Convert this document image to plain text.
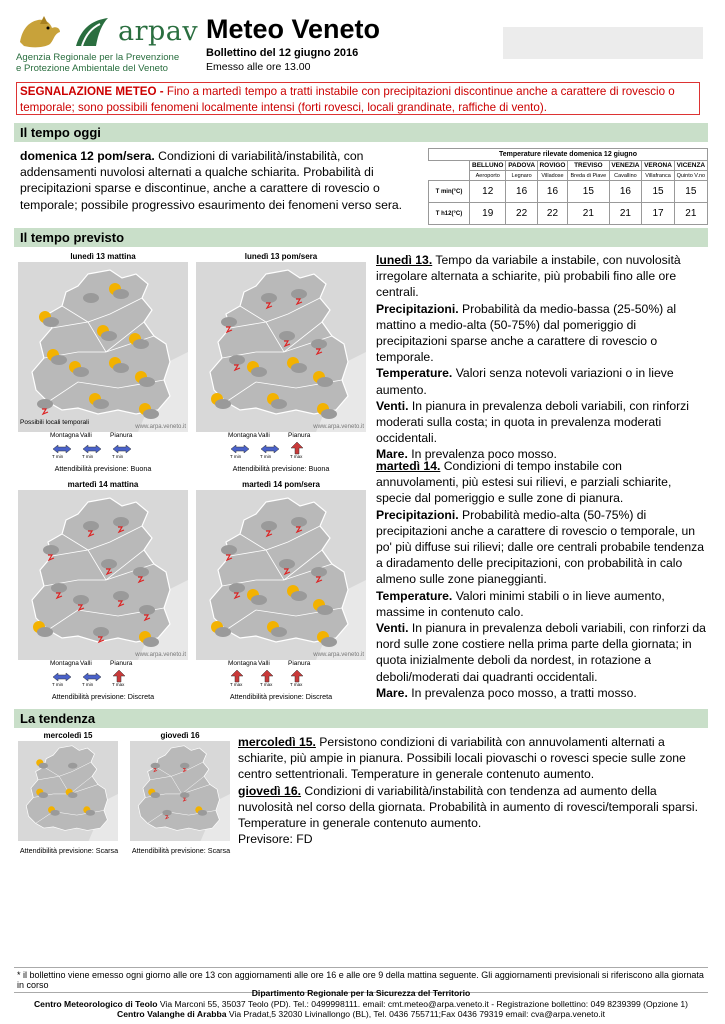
arpav
Agenzia Regionale per la Prevenzione
e Protezione Ambientale del Veneto
Meteo Veneto
Bollettino del 12 giugno 2016
Emesso alle ore 13.00
SEGNALAZIONE METEO - Fino a martedì tempo a tratti instabile con precipitazioni discontinue anche a carattere di rovescio o temporale; sono possibili fenomeni localmente intensi (forti rovesci, locali grandinate, raffiche di vento).
Il tempo oggi
domenica 12 pom/sera. Condizioni di variabilità/instabilità, con addensamenti nuvolosi alternati a qualche schiarita. Probabilità di precipitazioni sparse e discontinue, anche a carattere di rovescio o temporale; possibile progressivo esaurimento dei fenomeni verso sera.
Temperature rilevate domenica 12 giugno							
	BELLUNO	PADOVA	ROVIGO	TREVISO	VENEZIA	VERONA	VICENZA
	Aeroporto	Legnaro	Villadose	Breda di Piave	Cavallino	Villafranca	Quinto V.no
T min(°C)	12	16	16	15	16	15	15
T h12(°C)	19	22	22	21	21	17	21
Il tempo previsto
lunedì 13 mattina
www.arpa.veneto.it
Possibili locali temporali
lunedì 13 pom/sera
www.arpa.veneto.it
martedì 14 mattina
www.arpa.veneto.it
martedì 14 pom/sera
www.arpa.veneto.it
Montagna
T min
Valli
T min
Pianura
T min
Attendibilità previsione: Buona
Montagna
T min
Valli
T min
Pianura
T max
Attendibilità previsione: Buona
Montagna
T min
Valli
T min
Pianura
T max
Attendibilità previsione: Discreta
Montagna
T max
Valli
T max
Pianura
T max
Attendibilità previsione: Discreta
lunedì 13. Tempo da variabile a instabile, con nuvolosità irregolare alternata a schiarite, più probabili fino alle ore centrali.
Precipitazioni. Probabilità da medio-bassa (25-50%) al mattino a medio-alta (50-75%) dal pomeriggio di precipitazioni sparse anche a carattere di rovescio o temporale.
Temperature. Valori senza notevoli variazioni o in lieve aumento.
Venti. In pianura in prevalenza deboli variabili, con rinforzi moderati sulla costa; in quota in prevalenza moderati occidentali.
Mare. In prevalenza poco mosso.
martedì 14. Condizioni di tempo instabile con annuvolamenti, più estesi sui rilievi, e parziali schiarite, specie dal pomeriggio e sulle zone di pianura.
Precipitazioni. Probabilità medio-alta (50-75%) di precipitazioni anche a carattere di rovescio o temporale, un po' più diffuse sui rilievi; dalle ore centrali probabile tendenza a diradamento delle precipitazioni, con probabilità in calo almeno sulle zone pianeggianti.
Temperature. Valori minimi stabili o in lieve aumento, massime in contenuto calo.
Venti. In pianura in prevalenza deboli variabili, con rinforzi da nord sulle zone costiere nella prima parte della giornata; in quota inizialmente deboli da nordest, in rotazione a deboli/moderati dai quadranti occidentali.
Mare. In prevalenza poco mosso, a tratti mosso.
La tendenza
mercoledì 15	giovedì 16
Attendibilità previsione: Scarsa	Attendibilità previsione: Scarsa
mercoledì 15. Persistono condizioni di variabilità con annuvolamenti alternati a schiarite, più ampie in pianura. Possibili locali piovaschi o rovesci specie sulle zone centro settentrionali. Temperature in generale contenuto aumento.
giovedì 16. Condizioni di variabilità/instabilità con tendenza ad aumento della nuvolosità nel corso della giornata. Probabilità in aumento di rovesci/temporali sparsi. Temperature in generale contenuto aumento.
Previsore: FD
* il bollettino viene emesso ogni giorno alle ore 13 con aggiornamenti alle ore 16 e alle ore 9 della mattina seguente. Gli aggiornamenti previsionali si riferiscono alla giornata in corso
Dipartimento Regionale per la Sicurezza del Territorio
Centro Meteorologico di Teolo Via Marconi 55, 35037 Teolo (PD). Tel.: 0499998111. email: cmt.meteo@arpa.veneto.it - Registrazione bollettino: 049 8239399 (Opzione 1)
Centro Valanghe di Arabba Via Pradat,5 32030 Livinallongo (BL), Tel. 0436 755711;Fax 0436 79319 email: cva@arpa.veneto.it
